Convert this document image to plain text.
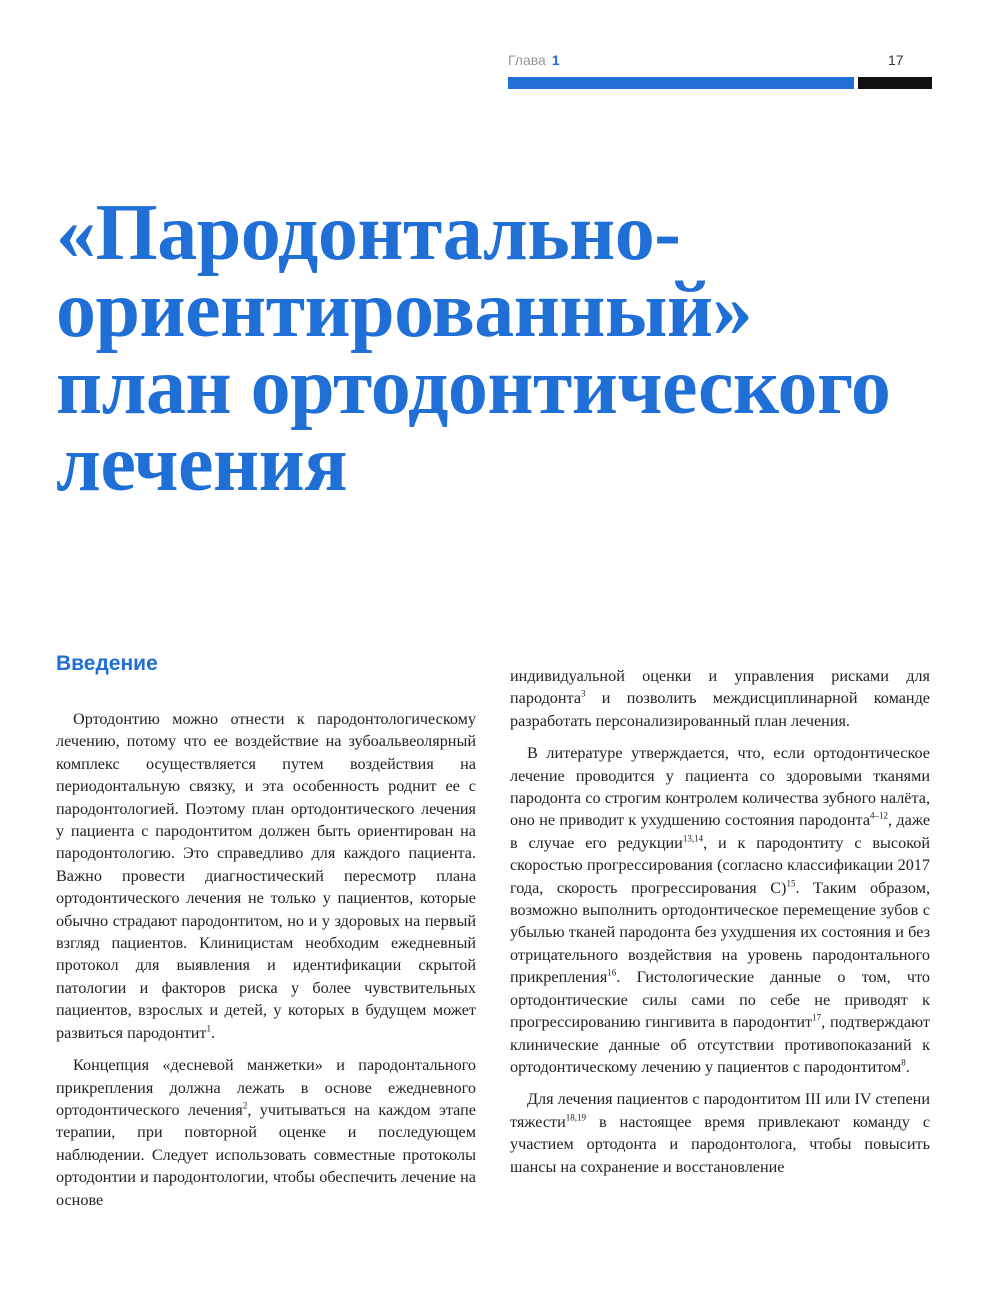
Глава 1	17
«Пародонтально-
ориентированный»
план ортодонтического
лечения
Введение

Ортодонтию можно отнести к пародонтологическому лечению, потому что ее воздействие на зубоальвеолярный комплекс осуществляется путем воздействия на периодонтальную связку, и эта особенность роднит ее с пародонтологией. Поэтому план ортодонтического лечения у пациента с пародонтитом должен быть ориентирован на пародонтологию. Это справедливо для каждого пациента. Важно провести диагностический пересмотр плана ортодонтического лечения не только у пациентов, которые обычно страдают пародонтитом, но и у здоровых на первый взгляд пациентов. Клиницистам необходим ежедневный протокол для выявления и идентификации скрытой патологии и факторов риска у более чувствительных пациентов, взрослых и детей, у которых в будущем может развиться пародонтит$^1$.

Концепция «десневой манжетки» и пародонтального прикрепления должна лежать в основе ежедневного ортодонтического лечения$^2$, учитываться на каждом этапе терапии, при повторной оценке и последующем наблюдении. Следует использовать совместные протоколы ортодонтии и пародонтологии, чтобы обеспечить лечение на основе

индивидуальной оценки и управления рисками для пародонта$^3$ и позволить междисциплинарной команде разработать персонализированный план лечения.

В литературе утверждается, что, если ортодонтическое лечение проводится у пациента со здоровыми тканями пародонта со строгим контролем количества зубного налёта, оно не приводит к ухудшению состояния пародонта$^{4-12}$, даже в случае его редукции$^{13,14}$, и к пародонтиту с высокой скоростью прогрессирования (согласно классификации 2017 года, скорость прогрессирования C)$^{15}$. Таким образом, возможно выполнить ортодонтическое перемещение зубов с убылью тканей пародонта без ухудшения их состояния и без отрицательного воздействия на уровень пародонтального прикрепления$^{16}$. Гистологические данные о том, что ортодонтические силы сами по себе не приводят к прогрессированию гингивита в пародонтит$^{17}$, подтверждают клинические данные об отсутствии противопоказаний к ортодонтическому лечению у пациентов с пародонтитом$^8$.

Для лечения пациентов с пародонтитом III или IV степени тяжести$^{18,19}$ в настоящее время привлекают команду с участием ортодонта и пародонтолога, чтобы повысить шансы на сохранение и восстановление
